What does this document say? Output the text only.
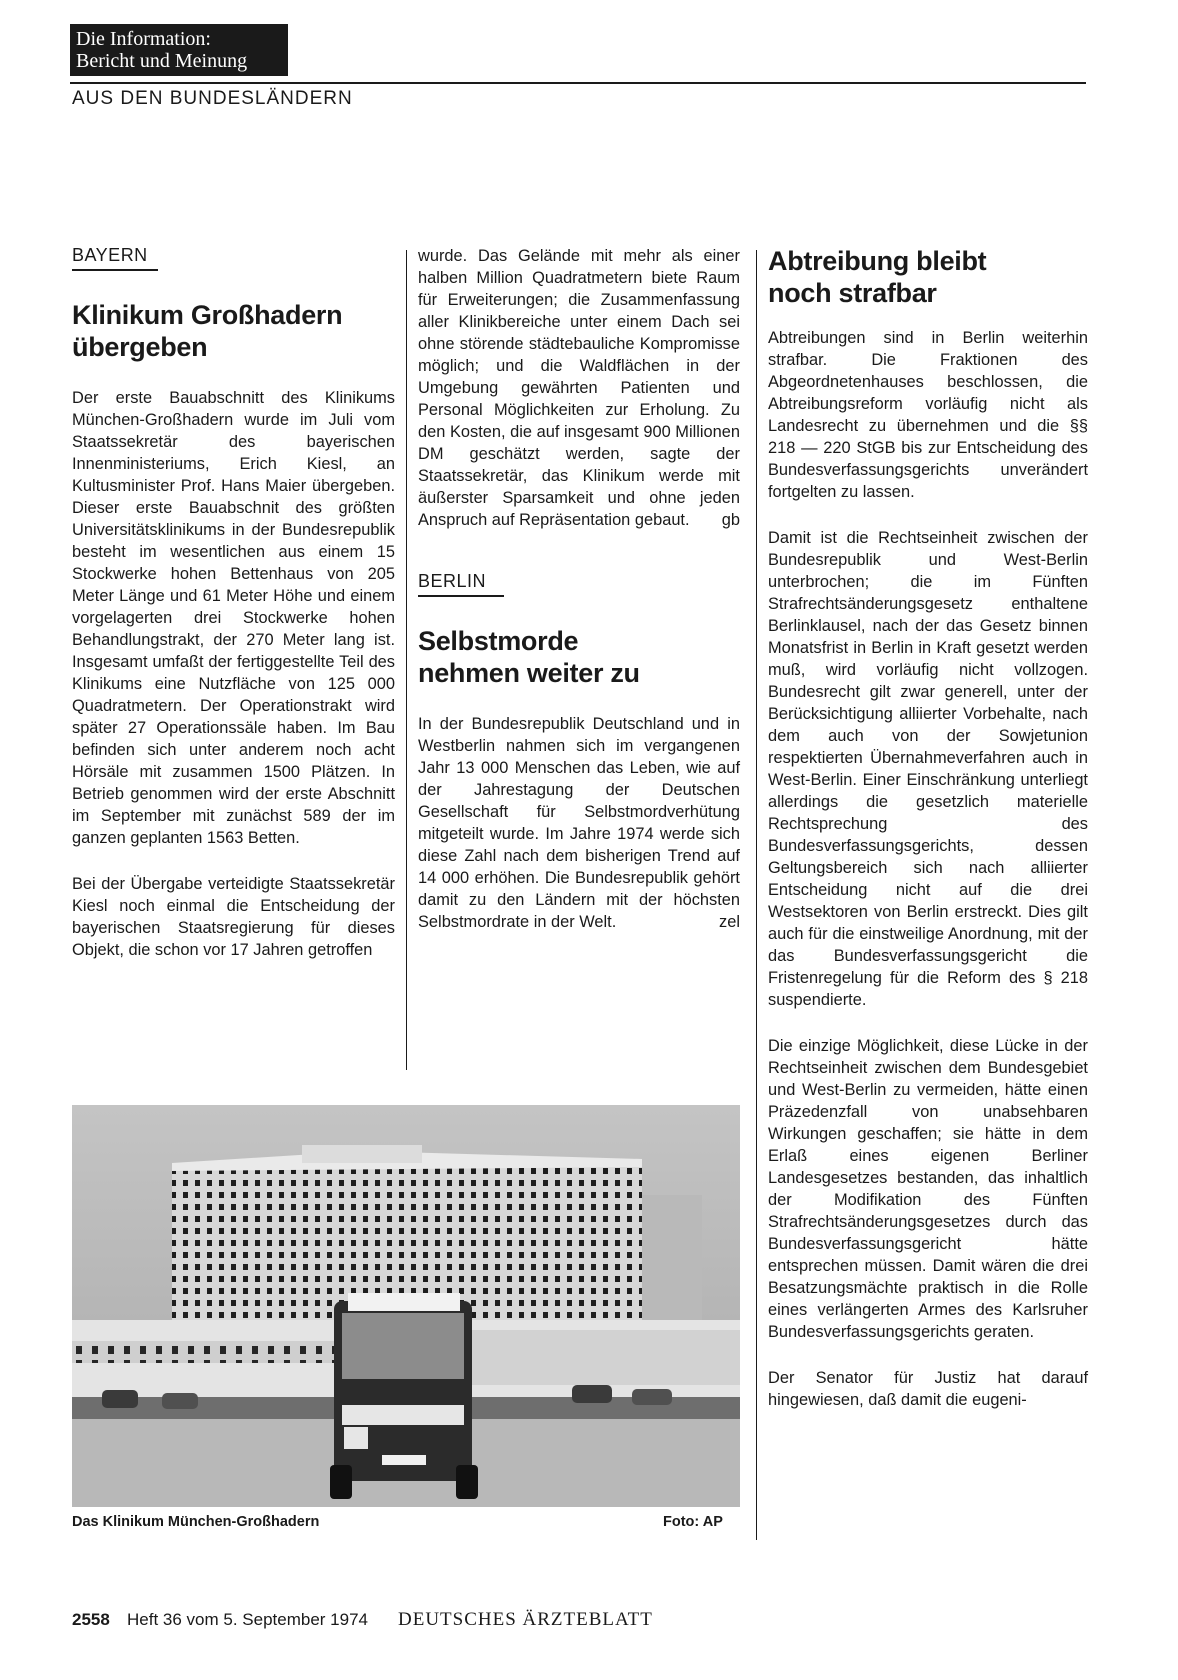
Die Information:
Bericht und Meinung
AUS DEN BUNDESLÄNDERN
BAYERN
Klinikum Großhadern
übergeben

Der erste Bauabschnitt des Klinikums München-Großhadern wurde im Juli vom Staatssekretär des bayerischen Innenministeriums, Erich Kiesl, an Kultusminister Prof. Hans Maier übergeben. Dieser erste Bauabschnit des größten Universitätsklinikums in der Bundesrepublik besteht im wesentlichen aus einem 15 Stockwerke hohen Bettenhaus von 205 Meter Länge und 61 Meter Höhe und einem vorgelagerten drei Stockwerke hohen Behandlungstrakt, der 270 Meter lang ist. Insgesamt umfaßt der fertiggestellte Teil des Klinikums eine Nutzfläche von 125 000 Quadratmetern. Der Operationstrakt wird später 27 Operationssäle haben. Im Bau befinden sich unter anderem noch acht Hörsäle mit zusammen 1500 Plätzen. In Betrieb genommen wird der erste Abschnitt im September mit zunächst 589 der im ganzen geplanten 1563 Betten.

Bei der Übergabe verteidigte Staatssekretär Kiesl noch einmal die Entscheidung der bayerischen Staatsregierung für dieses Objekt, die schon vor 17 Jahren getroffen

wurde. Das Gelände mit mehr als einer halben Million Quadratmetern biete Raum für Erweiterungen; die Zusammenfassung aller Klinikbereiche unter einem Dach sei ohne störende städtebauliche Kompromisse möglich; und die Waldflächen in der Umgebung gewährten Patienten und Personal Möglichkeiten zur Erholung. Zu den Kosten, die auf insgesamt 900 Millionen DM geschätzt werden, sagte der Staatssekretär, das Klinikum werde mit äußerster Sparsamkeit und ohne jeden Anspruch auf Repräsentation gebaut.	gb
BERLIN
Selbstmorde
nehmen weiter zu

In der Bundesrepublik Deutschland und in Westberlin nahmen sich im vergangenen Jahr 13 000 Menschen das Leben, wie auf der Jahrestagung der Deutschen Gesellschaft für Selbstmordverhütung mitgeteilt wurde. Im Jahre 1974 werde sich diese Zahl nach dem bisherigen Trend auf 14 000 erhöhen. Die Bundesrepublik gehört damit zu den Ländern mit der höchsten Selbstmordrate in der Welt.	zel
Abtreibung bleibt
noch strafbar

Abtreibungen sind in Berlin weiterhin strafbar. Die Fraktionen des Abgeordnetenhauses beschlossen, die Abtreibungsreform vorläufig nicht als Landesrecht zu übernehmen und die §§ 218 — 220 StGB bis zur Entscheidung des Bundesverfassungsgerichts unverändert fortgelten zu lassen.

Damit ist die Rechtseinheit zwischen der Bundesrepublik und West-Berlin unterbrochen; die im Fünften Strafrechtsänderungsgesetz enthaltene Berlinklausel, nach der das Gesetz binnen Monatsfrist in Berlin in Kraft gesetzt werden muß, wird vorläufig nicht vollzogen. Bundesrecht gilt zwar generell, unter der Berücksichtigung alliierter Vorbehalte, nach dem auch von der Sowjetunion respektierten Übernahmeverfahren auch in West-Berlin. Einer Einschränkung unterliegt allerdings die gesetzlich materielle Rechtsprechung des Bundesverfassungsgerichts, dessen Geltungsbereich sich nach alliierter Entscheidung nicht auf die drei Westsektoren von Berlin erstreckt. Dies gilt auch für die einstweilige Anordnung, mit der das Bundesverfassungsgericht die Fristenregelung für die Reform des § 218 suspendierte.

Die einzige Möglichkeit, diese Lücke in der Rechtseinheit zwischen dem Bundesgebiet und West-Berlin zu vermeiden, hätte einen Präzedenzfall von unabsehbaren Wirkungen geschaffen; sie hätte in dem Erlaß eines eigenen Berliner Landesgesetzes bestanden, das inhaltlich der Modifikation des Fünften Strafrechtsänderungsgesetzes durch das Bundesverfassungsgericht hätte entsprechen müssen. Damit wären die drei Besatzungsmächte praktisch in die Rolle eines verlängerten Armes des Karlsruher Bundesverfassungsgerichts geraten.

Der Senator für Justiz hat darauf hingewiesen, daß damit die eugeni-

Das Klinikum München-Großhadern	Foto: AP
2558 Heft 36 vom 5. September 1974 DEUTSCHES ÄRZTEBLATT
